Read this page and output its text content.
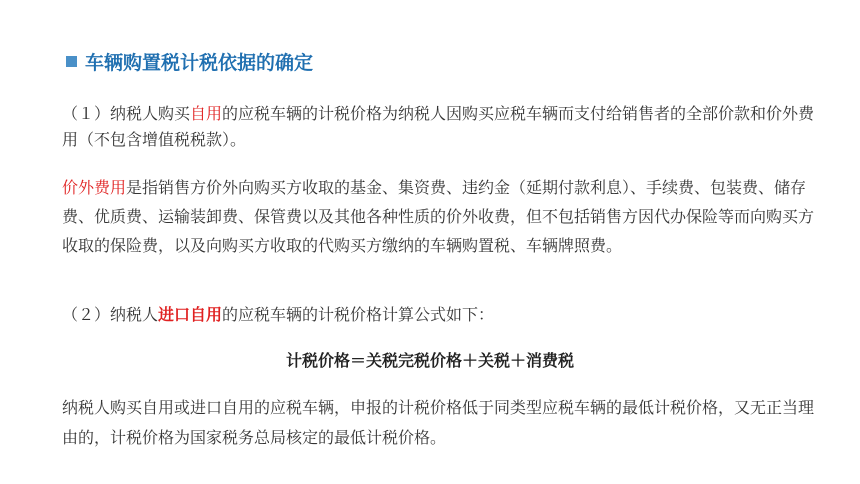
车辆购置税计税依据的确定
（１）纳税人购买自用的应税车辆的计税价格为纳税人因购买应税车辆而支付给销售者的全部价款和价外费用（不包含增值税税款）。
价外费用是指销售方价外向购买方收取的基金、集资费、违约金（延期付款利息）、手续费、包装费、储存费、优质费、运输装卸费、保管费以及其他各种性质的价外收费，但不包括销售方因代办保险等而向购买方收取的保险费，以及向购买方收取的代购买方缴纳的车辆购置税、车辆牌照费。
（２）纳税人进口自用的应税车辆的计税价格计算公式如下：
计税价格＝关税完税价格＋关税＋消费税
纳税人购买自用或进口自用的应税车辆，申报的计税价格低于同类型应税车辆的最低计税价格，又无正当理由的，计税价格为国家税务总局核定的最低计税价格。
